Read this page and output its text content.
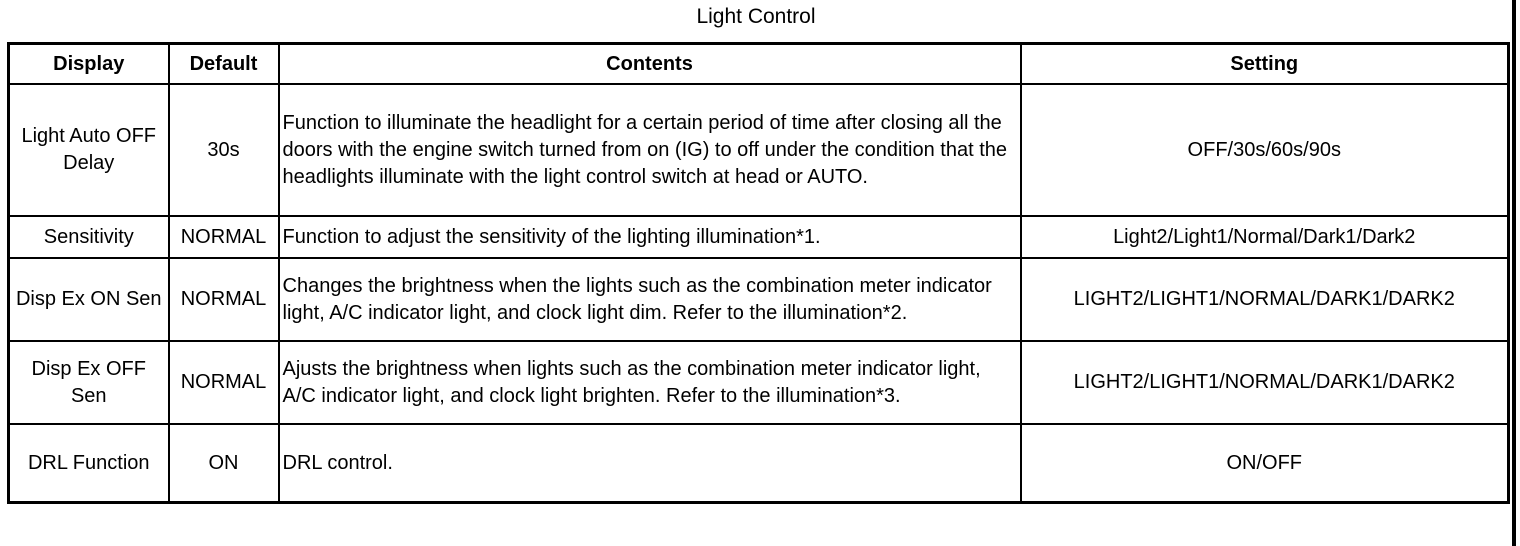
Light Control
Display	Default	Contents	Setting
Light Auto OFF Delay	30s	Function to illuminate the headlight for a certain period of time after closing all the doors with the engine switch turned from on (IG) to off under the condition that the headlights illuminate with the light control switch at head or AUTO.	OFF/30s/60s/90s
Sensitivity	NORMAL	Function to adjust the sensitivity of the lighting illumination*1.	Light2/Light1/Normal/Dark1/Dark2
Disp Ex ON Sen	NORMAL	Changes the brightness when the lights such as the combination meter indicator light, A/C indicator light, and clock light dim. Refer to the illumination*2.	LIGHT2/LIGHT1/NORMAL/DARK1/DARK2
Disp Ex OFF Sen	NORMAL	Ajusts the brightness when lights such as the combination meter indicator light, A/C indicator light, and clock light brighten. Refer to the illumination*3.	LIGHT2/LIGHT1/NORMAL/DARK1/DARK2
DRL Function	ON	DRL control.	ON/OFF
